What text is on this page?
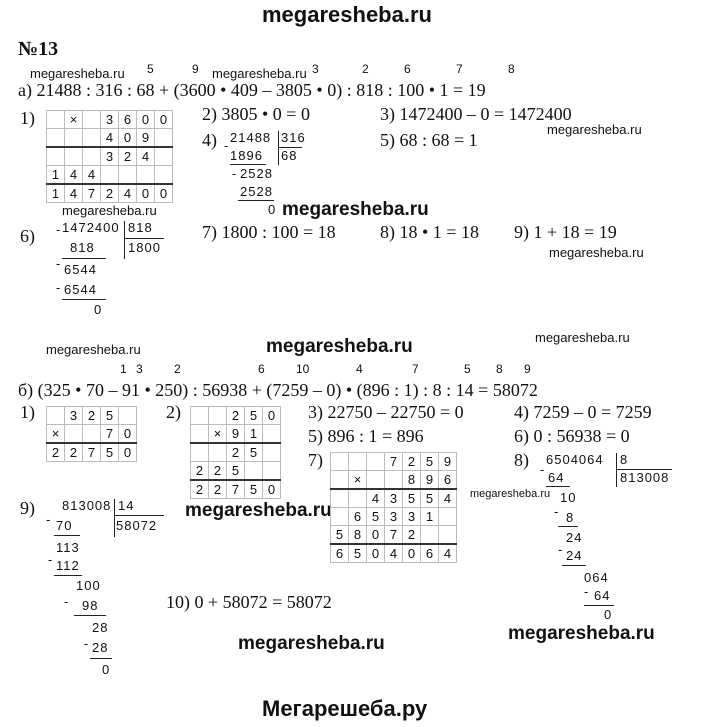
megaresheba.ru
Мегарешеба.ру
megaresheba.ru	megaresheba.ru
megaresheba.ru
megaresheba.ru	megaresheba.ru
megaresheba.ru
megaresheba.ru
megaresheba.ru	megaresheba.ru
megaresheba.ru
megaresheba.ru
megaresheba.ru	megaresheba.ru
№13
5	9	3	2	6	7	8
а) 21488 : 316 : 68 + (3600 • 409 – 3805 • 0) : 818 : 100 • 1 = 19
1)
		×		3	6	0	0
			4	0	9	
			3	2	4	
1	4	4				
1	4	7	2	4	0	0
2) 3805 • 0 = 0	3) 1472400 – 0 = 1472400
4) 21488 316
68
-
1896
- 2528
2528
0
5) 68 : 68 = 1
6) - 1472400 818
1800
818
- 6544
- 6544
0
7) 1800 : 100 = 18 8) 18 • 1 = 18 9) 1 + 18 = 19
1 3	2	6	10	4	7	5 8 9
б) (325 • 70 – 91 • 250) : 56938 + (7259 – 0) • (896 : 1) : 8 : 14 = 58072
1)
		3	2	5	
×			7	0
2	2	7	5	0
2)
			2	5	0
	×	9	1	
		2	5	
2	2	5		
2	2	7	5	0
3) 22750 – 22750 = 0	4) 7259 – 0 = 7259
5) 896 : 1 = 896	6) 0 : 56938 = 0
7)
				7	2	5	9
	×			8	9	6
		4	3	5	5	4
	6	5	3	3	1	
5	8	0	7	2		
6	5	0	4	0	6	4
8) 6504064 8
813008
-
64
10
- 8
24
- 24
064
- 64
0
9) 813008 14
58072
- 70
113
- 112
100
- 98
28
- 28
0
10) 0 + 58072 = 58072
